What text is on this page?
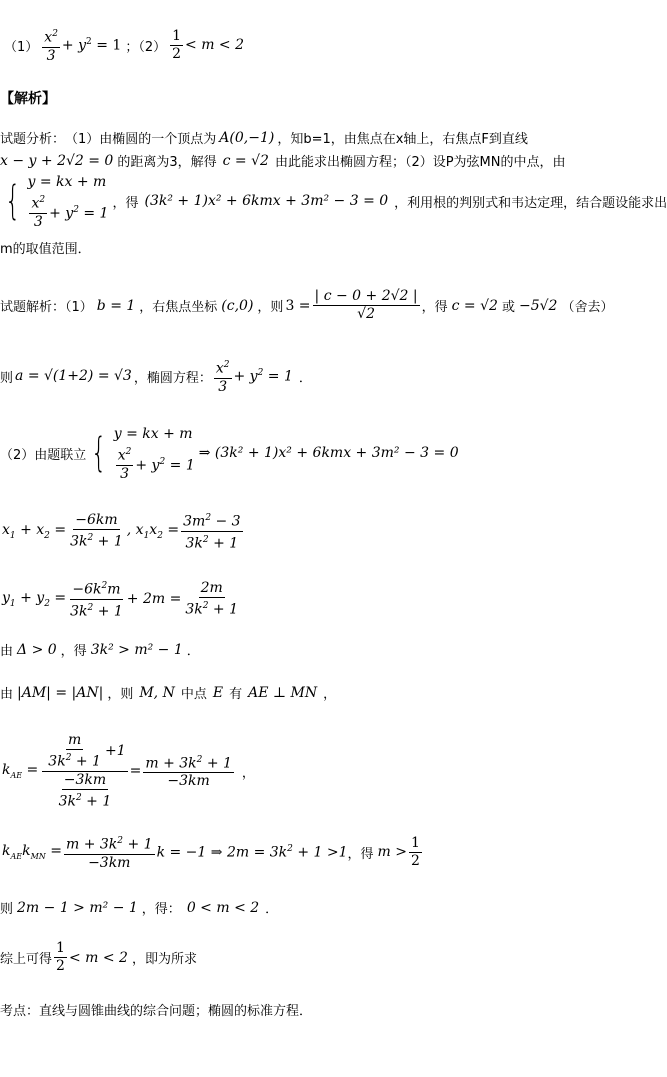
$(1) \frac{x^2}{3} + y^2 = 1$ ；$(2) \frac{1}{2} < m < 2$
【解析】
试题分析： （1）由椭圆的一个顶点为 A(0,−1) ，知b=1，由焦点在x轴上，右焦点F到直线
x − y + 2√2 = 0 的距离为3，解得 c = √2 由此能求出椭圆方程；（2）设P为弦MN的中点，由
{ y = kx + m
$\frac{x^2}{3} + y^2 = 1$
，得 (3k² + 1)x² + 6kmx + 3m² − 3 = 0 ，利用根的判别式和韦达定理，结合题设能求出
m的取值范围．
试题解析：（1） b = 1 ，右焦点坐标 (c,0) ，则 $3 = \frac{| c - 0 + 2√2 |}{√2}$ ，得 c = √2 或 −5√2 （舍去）
则 a = √(1+2) = √3 ，椭圆方程： $\frac{x^2}{3} + y^2 = 1$ ．
（2）由题联立 { y = kx + m
$\frac{x^2}{3} + y^2 = 1$
⇒ (3k² + 1)x² + 6kmx + 3m² − 3 = 0
$x_1 + x_2 = \frac{-6km}{3k^2 + 1}$ , $x_1x_2 = \frac{3m^2 - 3}{3k^2 + 1}$
$y_1 + y_2 = \frac{-6k^2m}{3k^2 + 1} + 2m = \frac{2m}{3k^2 + 1}$
由 Δ > 0 ，得 3k² > m² − 1 ．
由 |AM| = |AN| ，则 M, N 中点 E 有 AE ⊥ MN ，
$k_{AE} = \frac{\frac{m}{3k^2 + 1} +1}{\frac{-3km}{3k^2 + 1}} = \frac{m + 3k^2 + 1}{-3km}$ ，
$k_{AE}k_{MN} = \frac{m + 3k^2 + 1}{-3km}$ k = −1 ⇒ $2m = 3k^2 + 1 >1$ ，得 $m > \frac{1}{2}$
则 2m − 1 > m² − 1 ，得： 0 < m < 2 ．
综上可得 $\frac{1}{2} < m < 2$ ，即为所求
考点：直线与圆锥曲线的综合问题；椭圆的标准方程．
